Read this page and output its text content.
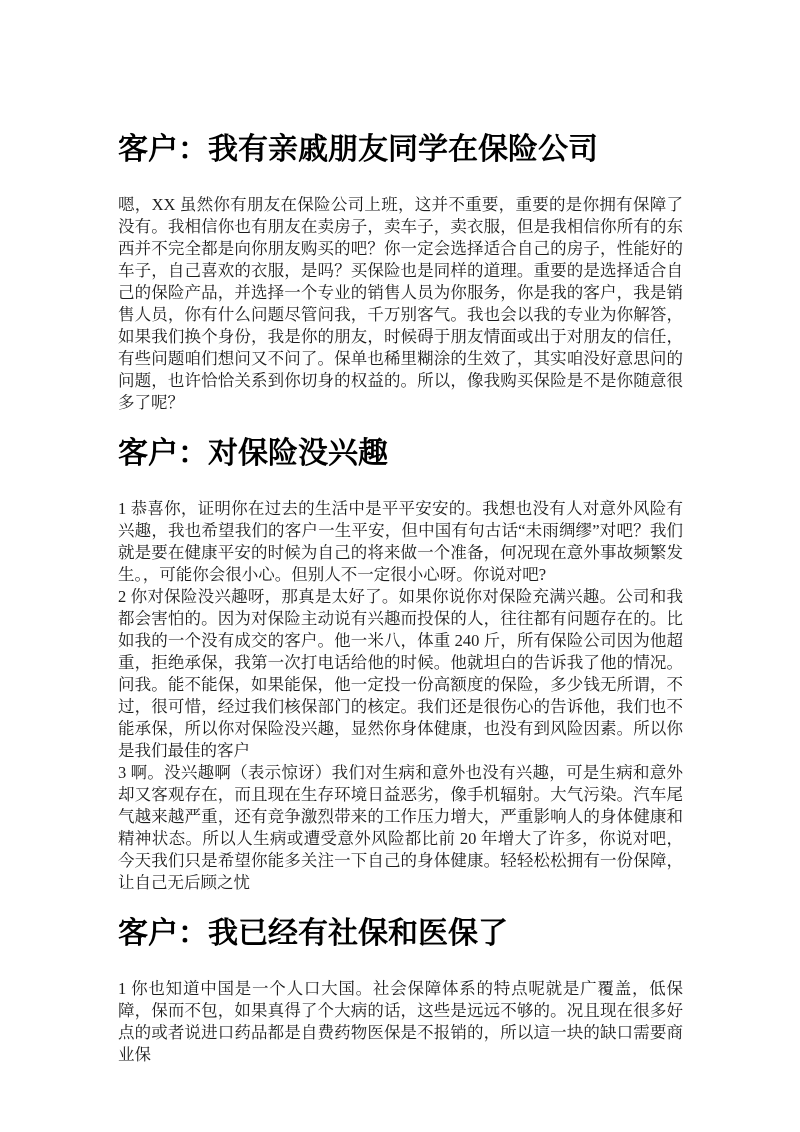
客户：我有亲戚朋友同学在保险公司

嗯，XX 虽然你有朋友在保险公司上班，这并不重要，重要的是你拥有保障了没有。我相信你也有朋友在卖房子，卖车子，卖衣服，但是我相信你所有的东西并不完全都是向你朋友购买的吧？你一定会选择适合自己的房子，性能好的车子，自己喜欢的衣服，是吗？买保险也是同样的道理。重要的是选择适合自己的保险产品，并选择一个专业的销售人员为你服务，你是我的客户，我是销售人员，你有什么问题尽管问我，千万别客气。我也会以我的专业为你解答，如果我们换个身份，我是你的朋友，时候碍于朋友情面或出于对朋友的信任，有些问题咱们想问又不问了。保单也稀里糊涂的生效了，其实咱没好意思问的问题，也许恰恰关系到你切身的权益的。所以，像我购买保险是不是你随意很多了呢？

客户：对保险没兴趣

1 恭喜你，证明你在过去的生活中是平平安安的。我想也没有人对意外风险有兴趣，我也希望我们的客户一生平安，但中国有句古话“未雨绸缪”对吧？我们就是要在健康平安的时候为自己的将来做一个准备，何况现在意外事故频繁发生。，可能你会很小心。但别人不一定很小心呀。你说对吧?

2 你对保险没兴趣呀，那真是太好了。如果你说你对保险充满兴趣。公司和我都会害怕的。因为对保险主动说有兴趣而投保的人，往往都有问题存在的。比如我的一个没有成交的客户。他一米八，体重 240 斤，所有保险公司因为他超重，拒绝承保，我第一次打电话给他的时候。他就坦白的告诉我了他的情况。问我。能不能保，如果能保，他一定投一份高额度的保险，多少钱无所谓，不过，很可惜，经过我们核保部门的核定。我们还是很伤心的告诉他，我们也不能承保，所以你对保险没兴趣，显然你身体健康，也没有到风险因素。所以你是我们最佳的客户

3 啊。没兴趣啊（表示惊讶）我们对生病和意外也没有兴趣，可是生病和意外却又客观存在，而且现在生存环境日益恶劣，像手机辐射。大气污染。汽车尾气越来越严重，还有竞争激烈带来的工作压力增大，严重影响人的身体健康和精神状态。所以人生病或遭受意外风险都比前 20 年增大了许多，你说对吧，今天我们只是希望你能多关注一下自己的身体健康。轻轻松松拥有一份保障，让自己无后顾之忧

客户：我已经有社保和医保了

1 你也知道中国是一个人口大国。社会保障体系的特点呢就是广覆盖，低保障，保而不包，如果真得了个大病的话，这些是远远不够的。况且现在很多好点的或者说进口药品都是自费药物医保是不报销的，所以這一块的缺口需要商业保
